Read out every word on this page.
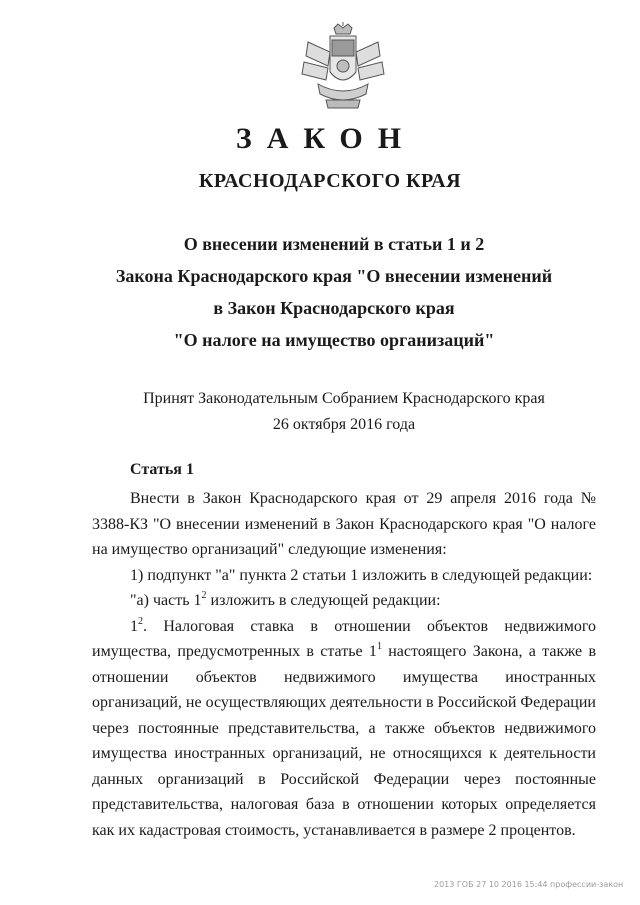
ЗАКОН
КРАСНОДАРСКОГО КРАЯ
О внесении изменений в статьи 1 и 2
Закона Краснодарского края "О внесении изменений
в Закон Краснодарского края
"О налоге на имущество организаций"
Принят Законодательным Собранием Краснодарского края
26 октября 2016 года
Статья 1

Внести в Закон Краснодарского края от 29 апреля 2016 года № 3388-КЗ "О внесении изменений в Закон Краснодарского края "О налоге на имущество организаций" следующие изменения:

1) подпункт "а" пункта 2 статьи 1 изложить в следующей редакции:

"а) часть $1^2$ изложить в следующей редакции:

$1^2$. Налоговая ставка в отношении объектов недвижимого имущества, предусмотренных в статье $1^1$ настоящего Закона, а также в отношении объектов недвижимого имущества иностранных организаций, не осуществляющих деятельности в Российской Федерации через постоянные представительства, а также объектов недвижимого имущества иностранных организаций, не относящихся к деятельности данных организаций в Российской Федерации через постоянные представительства, налоговая база в отношении которых определяется как их кадастровая стоимость, устанавливается в размере 2 процентов.

2013 ГОБ 27 10 2016 15:44 профессии-закон
